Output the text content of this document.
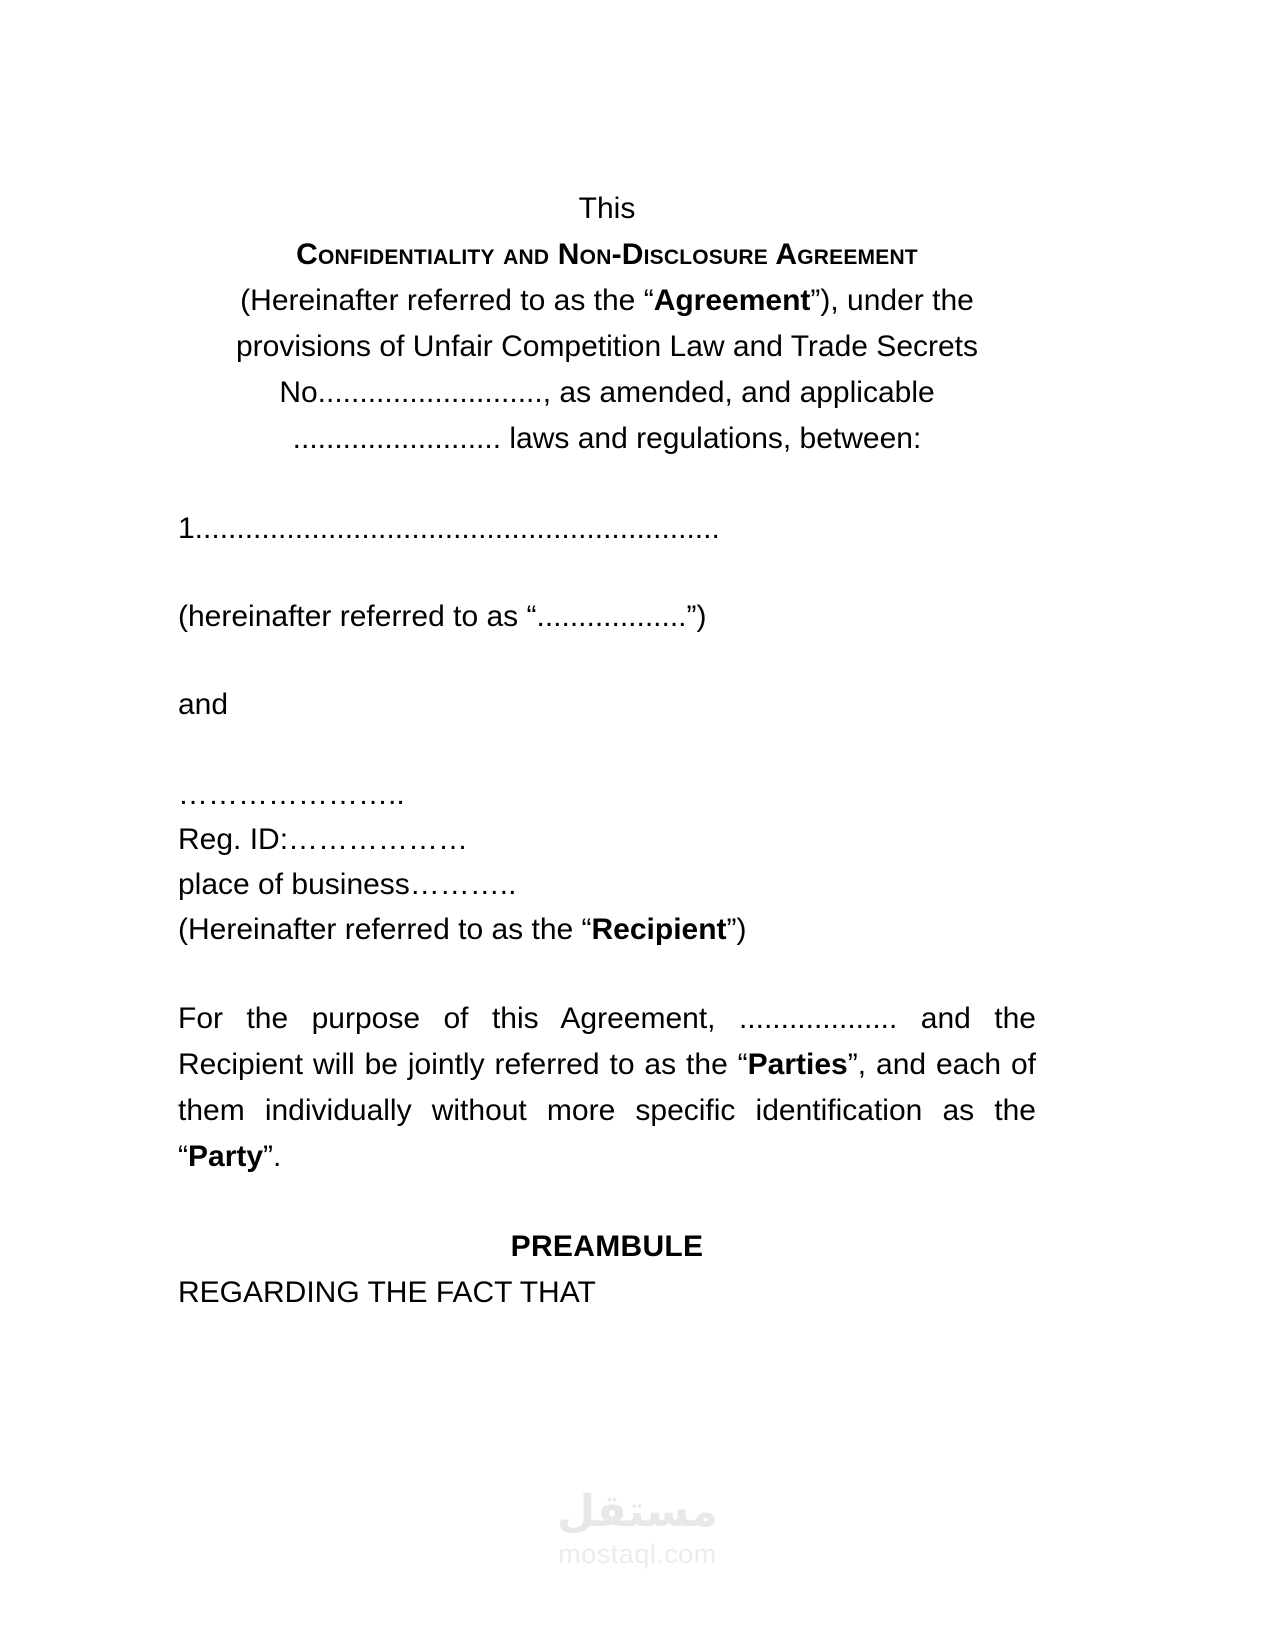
This
Confidentiality and Non-Disclosure Agreement
(Hereinafter referred to as the “Agreement”), under the provisions of Unfair Competition Law and Trade Secrets No..........................., as amended, and applicable ......................... laws and regulations, between:
1...............................................................
(hereinafter referred to as “..................”)
and
…………………..
Reg. ID:………………
place of business………..
(Hereinafter referred to as the “Recipient”)
For the purpose of this Agreement, ................... and the Recipient will be jointly referred to as the “Parties”, and each of them individually without more specific identification as the “Party”.
PREAMBULE
REGARDING THE FACT THAT
مستقل
mostaql.com
